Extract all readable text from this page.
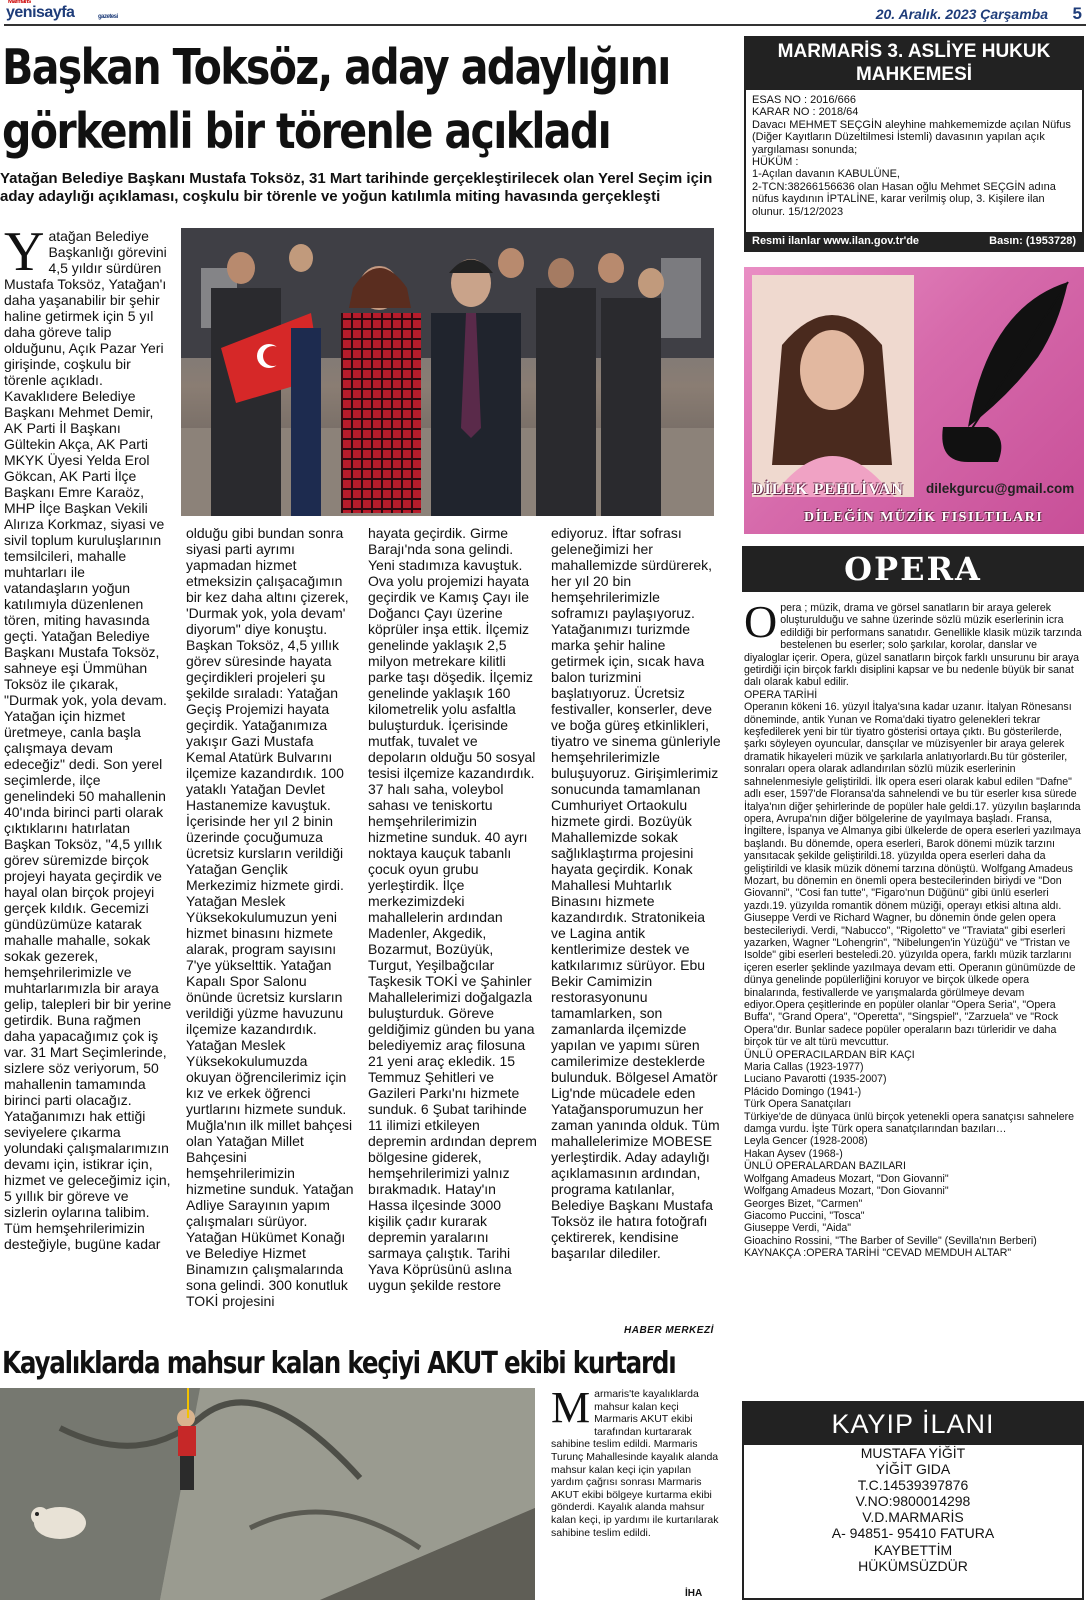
Marmaris
yenisayfa	gazetesi	20. Aralık. 2023 Çarşamba 5
Başkan Toksöz, aday adaylığını görkemli bir törenle açıkladı
Yatağan Belediye Başkanı Mustafa Toksöz, 31 Mart tarihinde gerçekleştirilecek olan Yerel Seçim için aday adaylığı açıklaması, coşkulu bir törenle ve yoğun katılımla miting havasında gerçekleşti
Yatağan Belediye Başkanlığı görevini 4,5 yıldır sürdüren Mustafa Toksöz, Yatağan'ı daha yaşanabilir bir şehir haline getirmek için 5 yıl daha göreve talip olduğunu, Açık Pazar Yeri girişinde, coşkulu bir törenle açıkladı. Kavaklıdere Belediye Başkanı Mehmet Demir, AK Parti İl Başkanı Gültekin Akça, AK Parti MKYK Üyesi Yelda Erol Gökcan, AK Parti İlçe Başkanı Emre Karaöz, MHP İlçe Başkan Vekili Alırıza Korkmaz, siyasi ve sivil toplum kuruluşlarının temsilcileri, mahalle muhtarları ile vatandaşların yoğun katılımıyla düzenlenen tören, miting havasında geçti. Yatağan Belediye Başkanı Mustafa Toksöz, sahneye eşi Ümmühan Toksöz ile çıkarak, "Durmak yok, yola devam. Yatağan için hizmet üretmeye, canla başla çalışmaya devam edeceğiz" dedi. Son yerel seçimlerde, ilçe genelindeki 50 mahallenin 40'ında birinci parti olarak çıktıklarını hatırlatan Başkan Toksöz, "4,5 yıllık görev süremizde birçok projeyi hayata geçirdik ve hayal olan birçok projeyi gerçek kıldık. Gecemizi gündüzümüze katarak mahalle mahalle, sokak sokak gezerek, hemşehrilerimizle ve muhtarlarımızla bir araya gelip, talepleri bir bir yerine getirdik. Buna rağmen daha yapacağımız çok iş var. 31 Mart Seçimlerinde, sizlere söz veriyorum, 50 mahallenin tamamında birinci parti olacağız. Yatağanımızı hak ettiği seviyelere çıkarma yolundaki çalışmalarımızın devamı için, istikrar için, hizmet ve geleceğimiz için, 5 yıllık bir göreve ve sizlerin oylarına talibim. Tüm hemşehrilerimizin desteğiyle, bugüne kadar
olduğu gibi bundan sonra siyasi parti ayrımı yapmadan hizmet etmeksizin çalışacağımın bir kez daha altını çizerek, 'Durmak yok, yola devam' diyorum" diye konuştu. Başkan Toksöz, 4,5 yıllık görev süresinde hayata geçirdikleri projeleri şu şekilde sıraladı: Yatağan Geçiş Projemizi hayata geçirdik. Yatağanımıza yakışır Gazi Mustafa Kemal Atatürk Bulvarını ilçemize kazandırdık. 100 yataklı Yatağan Devlet Hastanemize kavuştuk. İçerisinde her yıl 2 binin üzerinde çocuğumuza ücretsiz kursların verildiği Yatağan Gençlik Merkezimiz hizmete girdi. Yatağan Meslek Yüksekokulumuzun yeni hizmet binasını hizmete alarak, program sayısını 7'ye yükselttik. Yatağan Kapalı Spor Salonu önünde ücretsiz kursların verildiği yüzme havuzunu ilçemize kazandırdık. Yatağan Meslek Yüksekokulumuzda okuyan öğrencilerimiz için kız ve erkek öğrenci yurtlarını hizmete sunduk. Muğla'nın ilk millet bahçesi olan Yatağan Millet Bahçesini hemşehrilerimizin hizmetine sunduk. Yatağan Adliye Sarayının yapım çalışmaları sürüyor. Yatağan Hükümet Konağı ve Belediye Hizmet Binamızın çalışmalarında sona gelindi. 300 konutluk TOKİ projesini
hayata geçirdik. Girme Barajı'nda sona gelindi. Yeni stadımıza kavuştuk. Ova yolu projemizi hayata geçirdik ve Kamış Çayı ile Doğancı Çayı üzerine köprüler inşa ettik. İlçemiz genelinde yaklaşık 2,5 milyon metrekare kilitli parke taşı döşedik. İlçemiz genelinde yaklaşık 160 kilometrelik yolu asfaltla buluşturduk. İçerisinde mutfak, tuvalet ve depoların olduğu 50 sosyal tesisi ilçemize kazandırdık. 37 halı saha, voleybol sahası ve teniskortu hemşehrilerimizin hizmetine sunduk. 40 ayrı noktaya kauçuk tabanlı çocuk oyun grubu yerleştirdik. İlçe merkezimizdeki mahallelerin ardından Madenler, Akgedik, Bozarmut, Bozüyük, Turgut, Yeşilbağcılar Taşkesik TOKİ ve Şahinler Mahallelerimizi doğalgazla buluşturduk. Göreve geldiğimiz günden bu yana belediyemiz araç filosuna 21 yeni araç ekledik. 15 Temmuz Şehitleri ve Gazileri Parkı'nı hizmete sunduk. 6 Şubat tarihinde 11 ilimizi etkileyen depremin ardından deprem bölgesine giderek, hemşehrilerimizi yalnız bırakmadık. Hatay'ın Hassa ilçesinde 3000 kişilik çadır kurarak depremin yaralarını sarmaya çalıştık. Tarihi Yava Köprüsünü aslına uygun şekilde restore
ediyoruz. İftar sofrası geleneğimizi her mahallemizde sürdürerek, her yıl 20 bin hemşehrilerimizle soframızı paylaşıyoruz. Yatağanımızı turizmde marka şehir haline getirmek için, sıcak hava balon turizmini başlatıyoruz. Ücretsiz festivaller, konserler, deve ve boğa güreş etkinlikleri, tiyatro ve sinema günleriyle hemşehrilerimizle buluşuyoruz. Girişimlerimiz sonucunda tamamlanan Cumhuriyet Ortaokulu hizmete girdi. Bozüyük Mahallemizde sokak sağlıklaştırma projesini hayata geçirdik. Konak Mahallesi Muhtarlık Binasını hizmete kazandırdık. Stratonikeia ve Lagina antik kentlerimize destek ve katkılarımız sürüyor. Ebu Bekir Camimizin restorasyonunu tamamlarken, son zamanlarda ilçemizde yapılan ve yapımı süren camilerimize desteklerde bulunduk. Bölgesel Amatör Lig'nde mücadele eden Yatağansporumuzun her zaman yanında olduk. Tüm mahallelerimize MOBESE yerleştirdik. Aday adaylığı açıklamasının ardından, programa katılanlar, Belediye Başkanı Mustafa Toksöz ile hatıra fotoğrafı çektirerek, kendisine başarılar dilediler.
HABER MERKEZİ
Kayalıklarda mahsur kalan keçiyi AKUT ekibi kurtardı
Marmaris'te kayalıklarda mahsur kalan keçi Marmaris AKUT ekibi tarafından kurtararak sahibine teslim edildi. Marmaris Turunç Mahallesinde kayalık alanda mahsur kalan keçi için yapılan yardım çağrısı sonrası Marmaris AKUT ekibi bölgeye kurtarma ekibi gönderdi. Kayalık alanda mahsur kalan keçi, ip yardımı ile kurtarılarak sahibine teslim edildi.
İHA
MARMARİS 3. ASLİYE HUKUK MAHKEMESİ
ESAS NO : 2016/666
KARAR NO : 2018/64
Davacı MEHMET SEÇGİN aleyhine mahkememizde açılan Nüfus (Diğer Kayıtların Düzeltilmesi İstemli) davasının yapılan açık yargılaması sonunda;
HÜKÜM :
1-Açılan davanın KABULÜNE,
2-TCN:38266156636 olan Hasan oğlu Mehmet SEÇGİN adına nüfus kaydının İPTALİNE, karar verilmiş olup, 3. Kişilere ilan olunur. 15/12/2023
Resmi ilanlar www.ilan.gov.tr'de	Basın: (1953728)
DİLEK PEHLİVAN dilekgurcu@gmail.com
DİLEĞİN MÜZİK FISILTILARI
OPERA
Opera ; müzik, drama ve görsel sanatların bir araya gelerek oluşturulduğu ve sahne üzerinde sözlü müzik eserlerinin icra edildiği bir performans sanatıdır. Genellikle klasik müzik tarzında bestelenen bu eserler; solo şarkılar, korolar, danslar ve diyaloglar içerir. Opera, güzel sanatların birçok farklı unsurunu bir araya getirdiği için birçok farklı disiplini kapsar ve bu nedenle büyük bir sanat dalı olarak kabul edilir.
OPERA TARİHİ
Operanın kökeni 16. yüzyıl İtalya'sına kadar uzanır. İtalyan Rönesansı döneminde, antik Yunan ve Roma'daki tiyatro gelenekleri tekrar keşfedilerek yeni bir tür tiyatro gösterisi ortaya çıktı. Bu gösterilerde, şarkı söyleyen oyuncular, dansçılar ve müzisyenler bir araya gelerek dramatik hikayeleri müzik ve şarkılarla anlatıyorlardı.Bu tür gösteriler, sonraları opera olarak adlandırılan sözlü müzik eserlerinin sahnelenmesiyle geliştirildi. İlk opera eseri olarak kabul edilen "Dafne" adlı eser, 1597'de Floransa'da sahnelendi ve bu tür eserler kısa sürede İtalya'nın diğer şehirlerinde de popüler hale geldi.17. yüzyılın başlarında opera, Avrupa'nın diğer bölgelerine de yayılmaya başladı. Fransa, İngiltere, İspanya ve Almanya gibi ülkelerde de opera eserleri yazılmaya başlandı. Bu dönemde, opera eserleri, Barok dönemi müzik tarzını yansıtacak şekilde geliştirildi.18. yüzyılda opera eserleri daha da geliştirildi ve klasik müzik dönemi tarzına dönüştü. Wolfgang Amadeus Mozart, bu dönemin en önemli opera bestecilerinden biriydi ve "Don Giovanni", "Cosi fan tutte", "Figaro'nun Düğünü" gibi ünlü eserleri yazdı.19. yüzyılda romantik dönem müziği, operayı etkisi altına aldı. Giuseppe Verdi ve Richard Wagner, bu dönemin önde gelen opera bestecileriydi. Verdi, "Nabucco", "Rigoletto" ve "Traviata" gibi eserleri yazarken, Wagner "Lohengrin", "Nibelungen'in Yüzüğü" ve "Tristan ve Isolde" gibi eserleri besteledi.20. yüzyılda opera, farklı müzik tarzlarını içeren eserler şeklinde yazılmaya devam etti. Operanın günümüzde de dünya genelinde popülerliğini koruyor ve birçok ülkede opera binalarında, festivallerde ve yarışmalarda görülmeye devam ediyor.Opera çeşitlerinde en popüler olanlar "Opera Seria", "Opera Buffa", "Grand Opera", "Operetta", "Singspiel", "Zarzuela" ve "Rock Opera"dır. Bunlar sadece popüler operaların bazı türleridir ve daha birçok tür ve alt türü mevcuttur.
ÜNLÜ OPERACILARDAN BİR KAÇI
Maria Callas (1923-1977)
Luciano Pavarotti (1935-2007)
Plácido Domingo (1941-)
Türk Opera Sanatçıları
Türkiye'de de dünyaca ünlü birçok yetenekli opera sanatçısı sahnelere damga vurdu. İşte Türk opera sanatçılarından bazıları…
Leyla Gencer (1928-2008)
Hakan Aysev (1968-)
ÜNLÜ OPERALARDAN BAZILARI
Wolfgang Amadeus Mozart, "Don Giovanni"
Wolfgang Amadeus Mozart, "Don Giovanni"
Georges Bizet, "Carmen"
Giacomo Puccini, "Tosca"
Giuseppe Verdi, "Aida"
Gioachino Rossini, "The Barber of Seville" (Sevilla'nın Berberi)
KAYNAKÇA :OPERA TARİHİ "CEVAD MEMDUH ALTAR"
KAYIP İLANI
MUSTAFA YİĞİT
YİĞİT GIDA
T.C.14539397876
V.NO:9800014298
V.D.MARMARİS
A- 94851- 95410 FATURA
KAYBETTİM
HÜKÜMSÜZDÜR
